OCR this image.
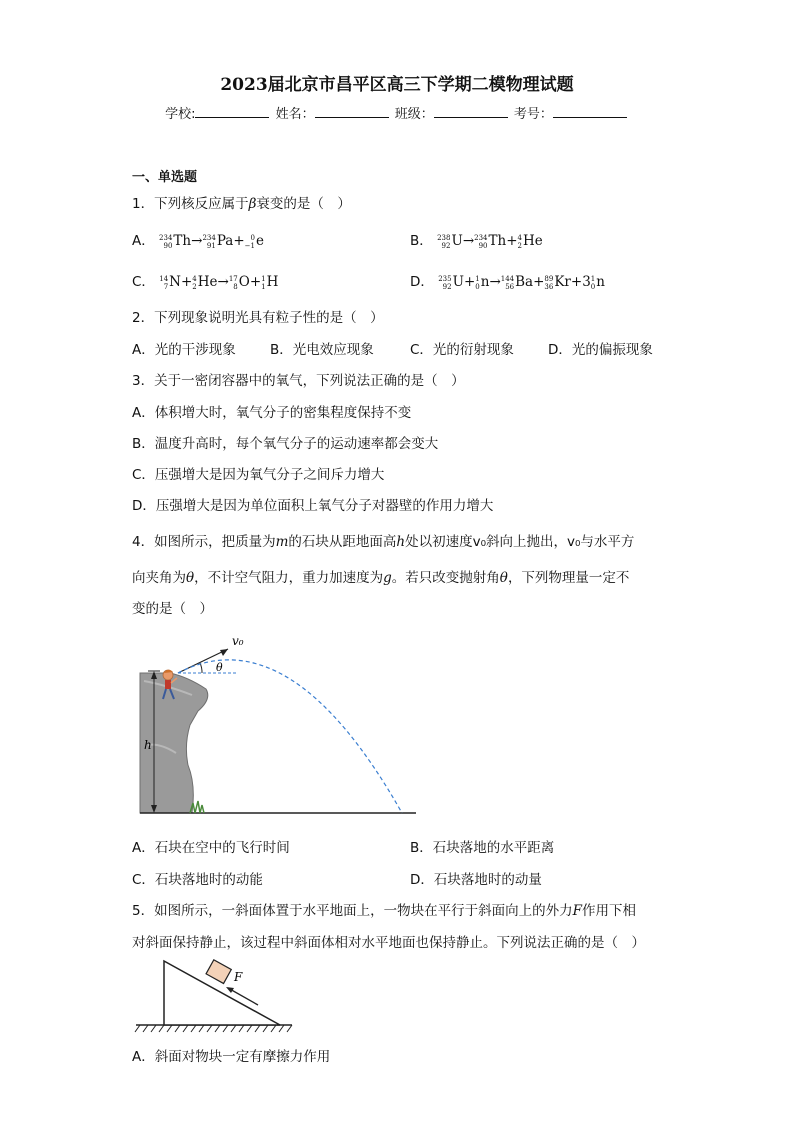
2023届北京市昌平区高三下学期二模物理试题
学校:	姓名：	班级：	考号：
一、单选题
1．下列核反应属于β衰变的是（　）
A． 234
90 Th→ 234
91 Pa+ 0
−1 e	B． 238
92 U→ 234
90 Th+ 4
2 He
C． 14
7 N+ 4
2 He→ 17
8 O+ 1
1 H	D． 235
92 U+ 1
0 n→ 144
56 Ba+ 89
36 Kr+3 1
0 n
2．下列现象说明光具有粒子性的是（　）
A．光的干涉现象	B．光电效应现象	C．光的衍射现象	D．光的偏振现象
3．关于一密闭容器中的氧气，下列说法正确的是（　）
A．体积增大时，氧气分子的密集程度保持不变
B．温度升高时，每个氧气分子的运动速率都会变大
C．压强增大是因为氧气分子之间斥力增大
D．压强增大是因为单位面积上氧气分子对器壁的作用力增大
4．如图所示，把质量为m的石块从距地面高h处以初速度v₀斜向上抛出，v₀与水平方
向夹角为θ，不计空气阻力，重力加速度为g。若只改变抛射角θ，下列物理量一定不
变的是（　）
h
v₀
θ
A．石块在空中的飞行时间	B．石块落地的水平距离
C．石块落地时的动能	D．石块落地时的动量
5．如图所示，一斜面体置于水平地面上，一物块在平行于斜面向上的外力F作用下相
对斜面保持静止，该过程中斜面体相对水平地面也保持静止。下列说法正确的是（　）
F
A．斜面对物块一定有摩擦力作用
